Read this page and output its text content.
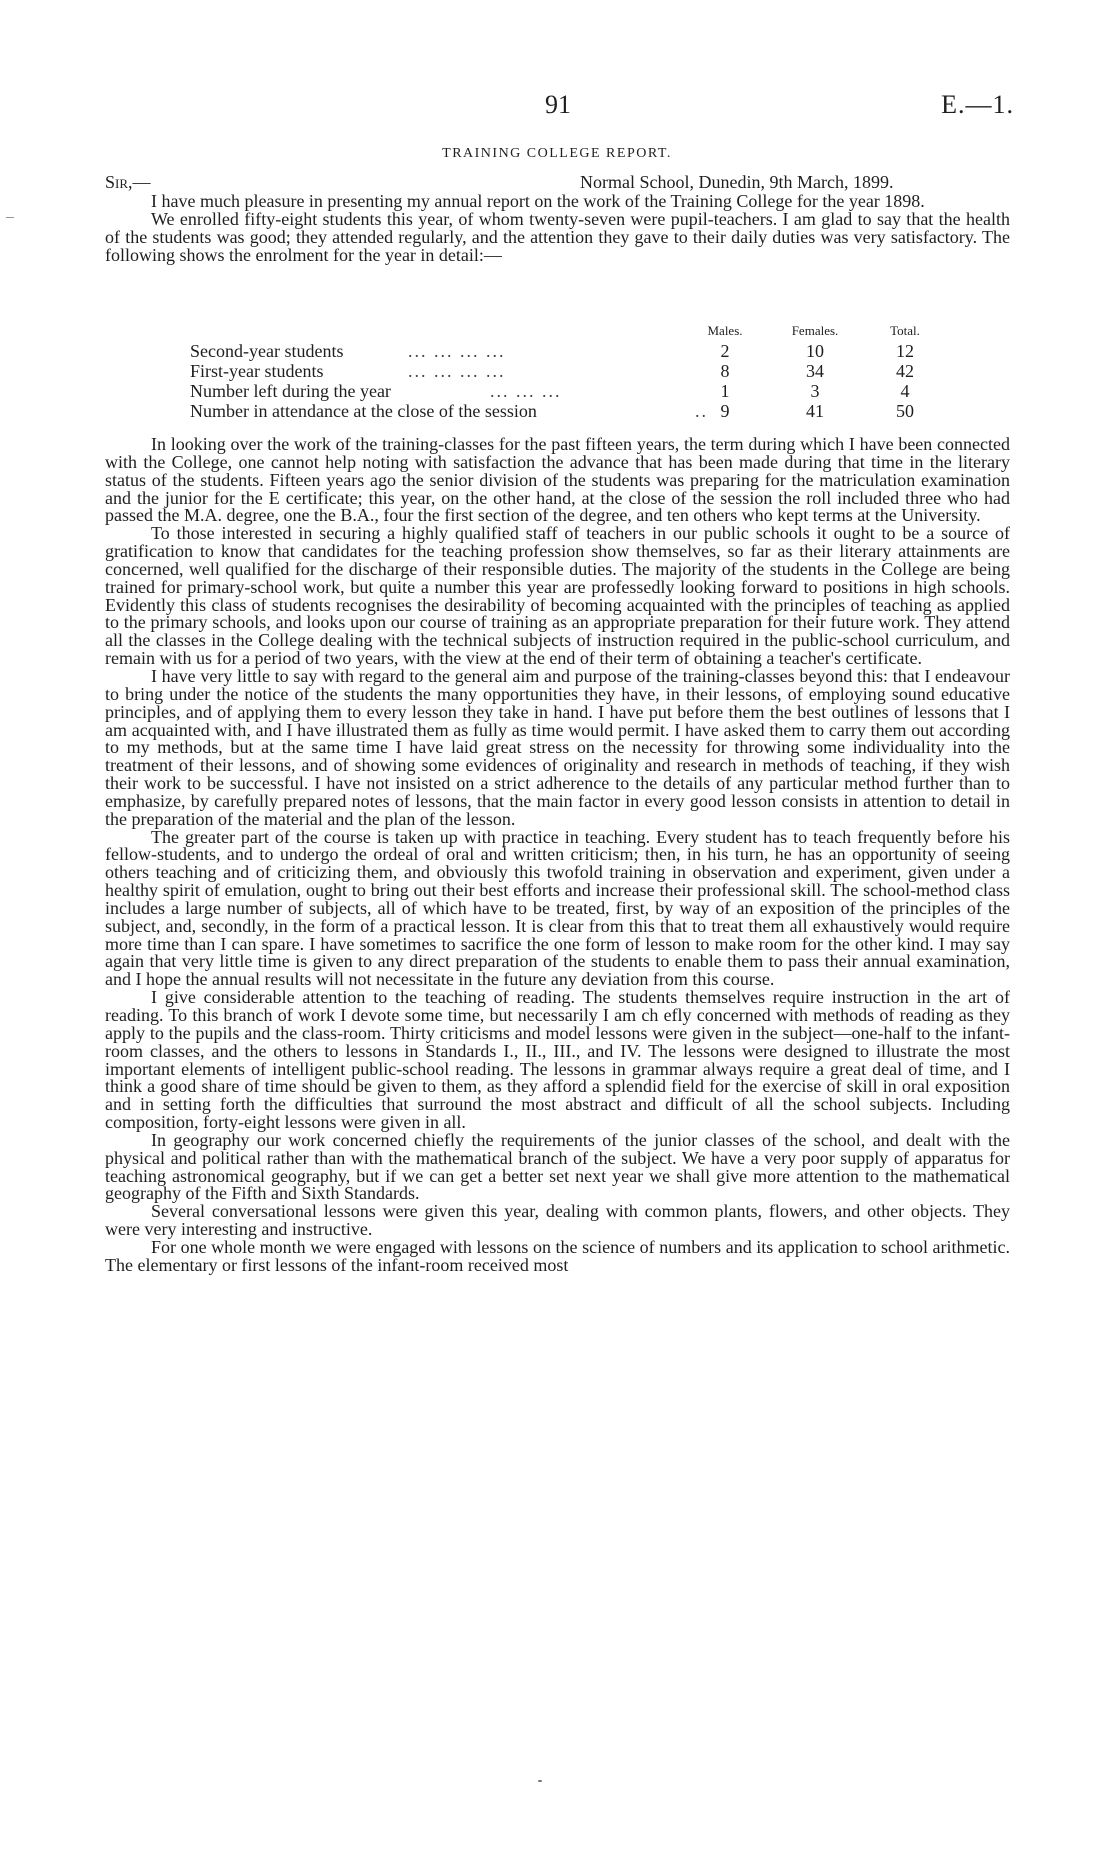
91	E.—1.
TRAINING COLLEGE REPORT.
Sir,—	Normal School, Dunedin, 9th March, 1899.

I have much pleasure in presenting my annual report on the work of the Training College for the year 1898.

We enrolled fifty-eight students this year, of whom twenty-seven were pupil-teachers. I am glad to say that the health of the students was good; they attended regularly, and the attention they gave to their daily duties was very satisfactory. The following shows the enrolment for the year in detail:—

	Males.	Females.	Total.
Second-year students ... ... ... ...	2	10	12
First-year students ... ... ... ...	8	34	42
Number left during the year ... ... ...	1	3	4
Number in attendance at the close of the session ..	9	41	50

In looking over the work of the training-classes for the past fifteen years, the term during which I have been connected with the College, one cannot help noting with satisfaction the advance that has been made during that time in the literary status of the students. Fifteen years ago the senior division of the students was preparing for the matriculation examination and the junior for the E certificate; this year, on the other hand, at the close of the session the roll included three who had passed the M.A. degree, one the B.A., four the first section of the degree, and ten others who kept terms at the University.

To those interested in securing a highly qualified staff of teachers in our public schools it ought to be a source of gratification to know that candidates for the teaching profession show themselves, so far as their literary attainments are concerned, well qualified for the discharge of their responsible duties. The majority of the students in the College are being trained for primary-school work, but quite a number this year are professedly looking forward to positions in high schools. Evidently this class of students recognises the desirability of becoming acquainted with the principles of teaching as applied to the primary schools, and looks upon our course of training as an appropriate preparation for their future work. They attend all the classes in the College dealing with the technical subjects of instruction required in the public-school curriculum, and remain with us for a period of two years, with the view at the end of their term of obtaining a teacher's certificate.

I have very little to say with regard to the general aim and purpose of the training-classes beyond this: that I endeavour to bring under the notice of the students the many opportunities they have, in their lessons, of employing sound educative principles, and of applying them to every lesson they take in hand. I have put before them the best outlines of lessons that I am acquainted with, and I have illustrated them as fully as time would permit. I have asked them to carry them out according to my methods, but at the same time I have laid great stress on the necessity for throwing some individuality into the treatment of their lessons, and of showing some evidences of originality and research in methods of teaching, if they wish their work to be successful. I have not insisted on a strict adherence to the details of any particular method further than to emphasize, by carefully prepared notes of lessons, that the main factor in every good lesson consists in attention to detail in the preparation of the material and the plan of the lesson.

The greater part of the course is taken up with practice in teaching. Every student has to teach frequently before his fellow-students, and to undergo the ordeal of oral and written criticism; then, in his turn, he has an opportunity of seeing others teaching and of criticizing them, and obviously this twofold training in observation and experiment, given under a healthy spirit of emulation, ought to bring out their best efforts and increase their professional skill. The school-method class includes a large number of subjects, all of which have to be treated, first, by way of an exposition of the principles of the subject, and, secondly, in the form of a practical lesson. It is clear from this that to treat them all exhaustively would require more time than I can spare. I have sometimes to sacrifice the one form of lesson to make room for the other kind. I may say again that very little time is given to any direct preparation of the students to enable them to pass their annual examination, and I hope the annual results will not necessitate in the future any deviation from this course.

I give considerable attention to the teaching of reading. The students themselves require instruction in the art of reading. To this branch of work I devote some time, but necessarily I am ch efly concerned with methods of reading as they apply to the pupils and the class-room. Thirty criticisms and model lessons were given in the subject—one-half to the infant-room classes, and the others to lessons in Standards I., II., III., and IV. The lessons were designed to illustrate the most important elements of intelligent public-school reading. The lessons in grammar always require a great deal of time, and I think a good share of time should be given to them, as they afford a splendid field for the exercise of skill in oral exposition and in setting forth the difficulties that surround the most abstract and difficult of all the school subjects. Including composition, forty-eight lessons were given in all.

In geography our work concerned chiefly the requirements of the junior classes of the school, and dealt with the physical and political rather than with the mathematical branch of the subject. We have a very poor supply of apparatus for teaching astronomical geography, but if we can get a better set next year we shall give more attention to the mathematical geography of the Fifth and Sixth Standards.

Several conversational lessons were given this year, dealing with common plants, flowers, and other objects. They were very interesting and instructive.

For one whole month we were engaged with lessons on the science of numbers and its application to school arithmetic. The elementary or first lessons of the infant-room received most
